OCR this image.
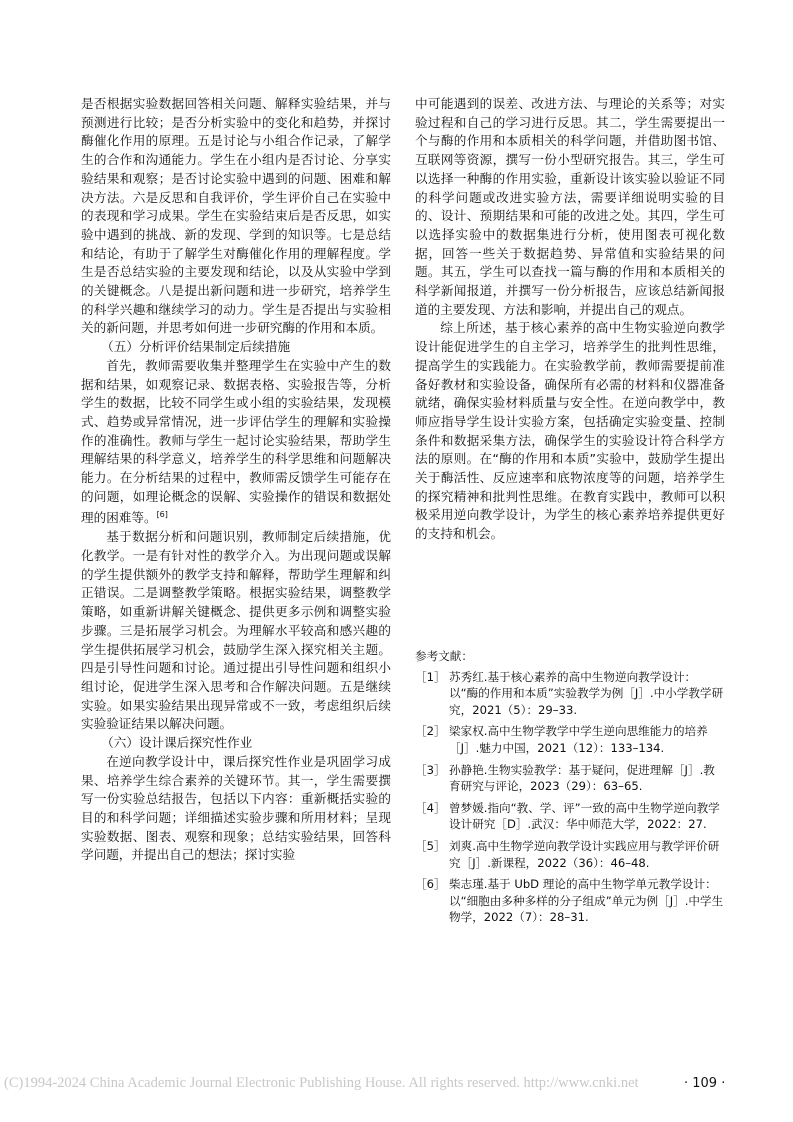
是否根据实验数据回答相关问题、解释实验结果，并与预测进行比较；是否分析实验中的变化和趋势，并探讨酶催化作用的原理。五是讨论与小组合作记录，了解学生的合作和沟通能力。学生在小组内是否讨论、分享实验结果和观察；是否讨论实验中遇到的问题、困难和解决方法。六是反思和自我评价，学生评价自己在实验中的表现和学习成果。学生在实验结束后是否反思，如实验中遇到的挑战、新的发现、学到的知识等。七是总结和结论，有助于了解学生对酶催化作用的理解程度。学生是否总结实验的主要发现和结论，以及从实验中学到的关键概念。八是提出新问题和进一步研究，培养学生的科学兴趣和继续学习的动力。学生是否提出与实验相关的新问题，并思考如何进一步研究酶的作用和本质。

（五）分析评价结果制定后续措施

首先，教师需要收集并整理学生在实验中产生的数据和结果，如观察记录、数据表格、实验报告等，分析学生的数据，比较不同学生或小组的实验结果，发现模式、趋势或异常情况，进一步评估学生的理解和实验操作的准确性。教师与学生一起讨论实验结果，帮助学生理解结果的科学意义，培养学生的科学思维和问题解决能力。在分析结果的过程中，教师需反馈学生可能存在的问题，如理论概念的误解、实验操作的错误和数据处理的困难等。[6]

基于数据分析和问题识别，教师制定后续措施，优化教学。一是有针对性的教学介入。为出现问题或误解的学生提供额外的教学支持和解释，帮助学生理解和纠正错误。二是调整教学策略。根据实验结果，调整教学策略，如重新讲解关键概念、提供更多示例和调整实验步骤。三是拓展学习机会。为理解水平较高和感兴趣的学生提供拓展学习机会，鼓励学生深入探究相关主题。四是引导性问题和讨论。通过提出引导性问题和组织小组讨论，促进学生深入思考和合作解决问题。五是继续实验。如果实验结果出现异常或不一致，考虑组织后续实验验证结果以解决问题。

（六）设计课后探究性作业

在逆向教学设计中，课后探究性作业是巩固学习成果、培养学生综合素养的关键环节。其一，学生需要撰写一份实验总结报告，包括以下内容：重新概括实验的目的和科学问题；详细描述实验步骤和所用材料；呈现实验数据、图表、观察和现象；总结实验结果，回答科学问题，并提出自己的想法；探讨实验

中可能遇到的误差、改进方法、与理论的关系等；对实验过程和自己的学习进行反思。其二，学生需要提出一个与酶的作用和本质相关的科学问题，并借助图书馆、互联网等资源，撰写一份小型研究报告。其三，学生可以选择一种酶的作用实验，重新设计该实验以验证不同的科学问题或改进实验方法，需要详细说明实验的目的、设计、预期结果和可能的改进之处。其四，学生可以选择实验中的数据集进行分析，使用图表可视化数据，回答一些关于数据趋势、异常值和实验结果的问题。其五，学生可以查找一篇与酶的作用和本质相关的科学新闻报道，并撰写一份分析报告，应该总结新闻报道的主要发现、方法和影响，并提出自己的观点。

综上所述，基于核心素养的高中生物实验逆向教学设计能促进学生的自主学习，培养学生的批判性思维，提高学生的实践能力。在实验教学前，教师需要提前准备好教材和实验设备，确保所有必需的材料和仪器准备就绪，确保实验材料质量与安全性。在逆向教学中，教师应指导学生设计实验方案，包括确定实验变量、控制条件和数据采集方法，确保学生的实验设计符合科学方法的原则。在“酶的作用和本质”实验中，鼓励学生提出关于酶活性、反应速率和底物浓度等的问题，培养学生的探究精神和批判性思维。在教育实践中，教师可以积极采用逆向教学设计，为学生的核心素养培养提供更好的支持和机会。

参考文献：

［1］ 苏秀红.基于核心素养的高中生物逆向教学设计：以“酶的作用和本质”实验教学为例［J］.中小学教学研究，2021（5）：29–33.
［2］ 梁家权.高中生物学教学中学生逆向思维能力的培养［J］.魅力中国，2021（12）：133–134.
［3］ 孙静艳.生物实验教学：基于疑问，促进理解［J］.教育研究与评论，2023（29）：63–65.
［4］ 曾梦媛.指向“教、学、评”一致的高中生物学逆向教学设计研究［D］.武汉：华中师范大学，2022：27.
［5］ 刘爽.高中生物学逆向教学设计实践应用与教学评价研究［J］.新课程，2022（36）：46–48.
［6］ 柴志瑾.基于 UbD 理论的高中生物学单元教学设计：以“细胞由多种多样的分子组成”单元为例［J］.中学生物学，2022（7）：28–31.
(C)1994-2024 China Academic Journal Electronic Publishing House. All rights reserved. http://www.cnki.net	· 109 ·
